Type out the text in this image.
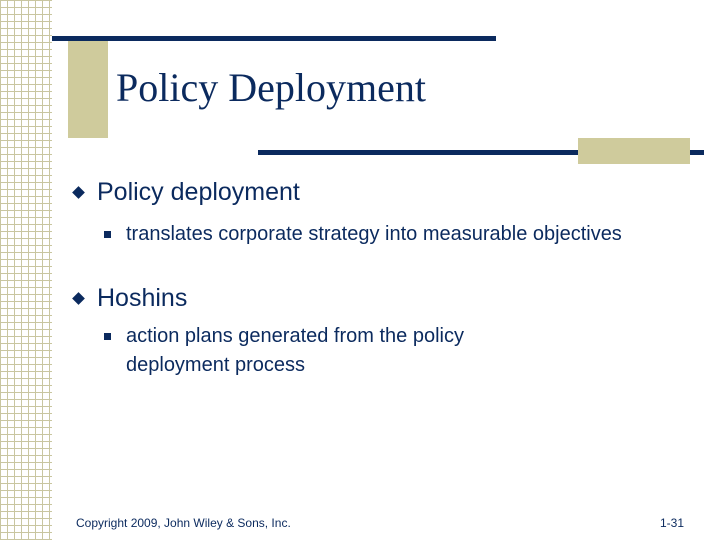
Policy Deployment
Policy deployment
translates corporate strategy into measurable objectives
Hoshins
action plans generated from the policy deployment process
Copyright 2009, John Wiley & Sons, Inc.	1-31
